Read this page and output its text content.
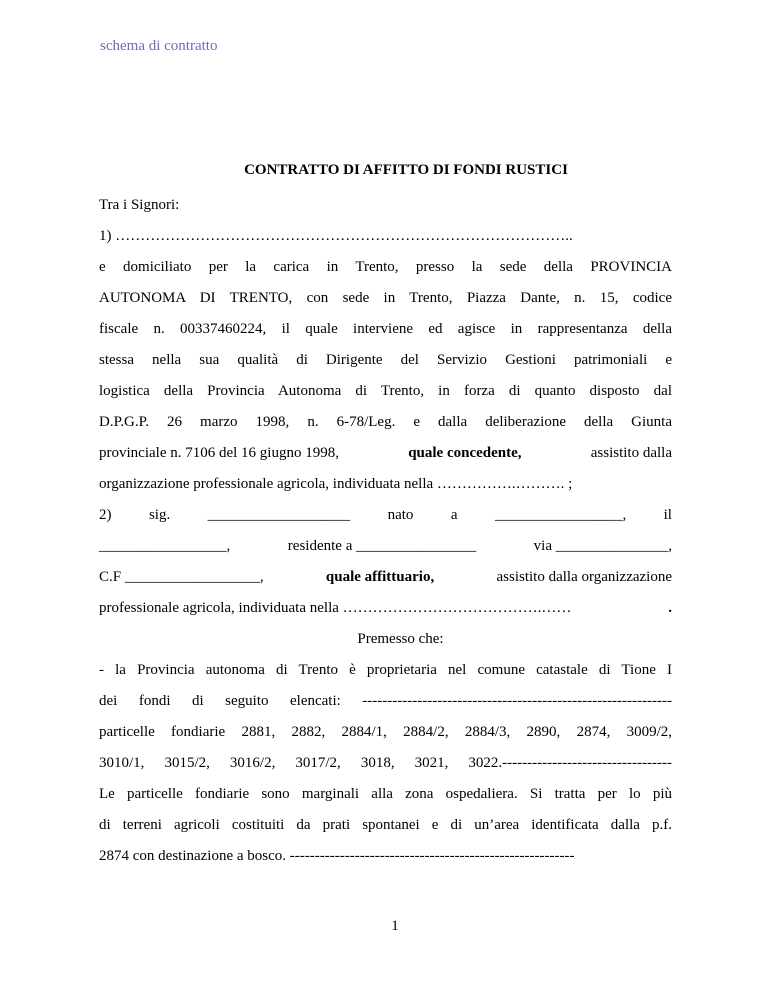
schema di contratto
CONTRATTO DI AFFITTO DI FONDI RUSTICI
Tra i Signori:
1) ………………………………………………………………………………..
e domiciliato per la carica in Trento, presso la sede della PROVINCIA
AUTONOMA DI TRENTO, con sede in Trento, Piazza Dante, n. 15, codice
fiscale n. 00337460224, il quale interviene ed agisce in rappresentanza della
stessa nella sua qualità di Dirigente del Servizio Gestioni patrimoniali e
logistica della Provincia Autonoma di Trento, in forza di quanto disposto dal
D.P.G.P. 26 marzo 1998, n. 6-78/Leg. e dalla deliberazione della Giunta
provinciale n. 7106 del 16 giugno 1998,	quale concedente,	assistito dalla
organizzazione professionale agricola, individuata nella …………….………. ;
2) sig. ___________________ nato a _________________, il
_________________,	residente a ________________	via _______________,
C.F __________________,	quale affittuario,	assistito dalla organizzazione
professionale agricola, individuata nella ………………………………….……	.
Premesso che:
- la Provincia autonoma di Trento è proprietaria nel comune catastale di Tione I
dei fondi di seguito elencati: --------------------------------------------------------------
particelle fondiarie 2881, 2882, 2884/1, 2884/2, 2884/3, 2890, 2874, 3009/2,
3010/1, 3015/2, 3016/2, 3017/2, 3018, 3021, 3022.----------------------------------
Le particelle fondiarie sono marginali alla zona ospedaliera. Si tratta per lo più
di terreni agricoli costituiti da prati spontanei e di un’area identificata dalla p.f.
2874 con destinazione a bosco. ---------------------------------------------------------
1
